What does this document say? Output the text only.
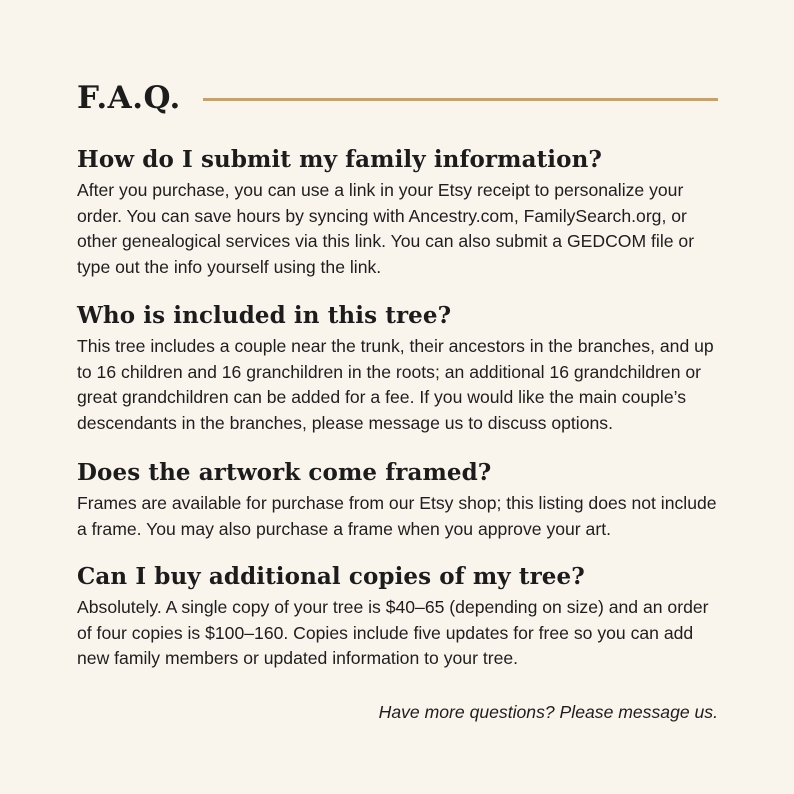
F.A.Q.
How do I submit my family information?

After you purchase, you can use a link in your Etsy receipt to personalize your order. You can save hours by syncing with Ancestry.com, FamilySearch.org, or other genealogical services via this link. You can also submit a GEDCOM file or type out the info yourself using the link.

Who is included in this tree?

This tree includes a couple near the trunk, their ancestors in the branches, and up to 16 children and 16 granchildren in the roots; an additional 16 grandchildren or great grandchildren can be added for a fee. If you would like the main couple’s descendants in the branches, please message us to discuss options.

Does the artwork come framed?

Frames are available for purchase from our Etsy shop; this listing does not include a frame. You may also purchase a frame when you approve your art.

Can I buy additional copies of my tree?

Absolutely. A single copy of your tree is $40–65 (depending on size) and an order of four copies is $100–160. Copies include five updates for free so you can add new family members or updated information to your tree.

Have more questions? Please message us.
